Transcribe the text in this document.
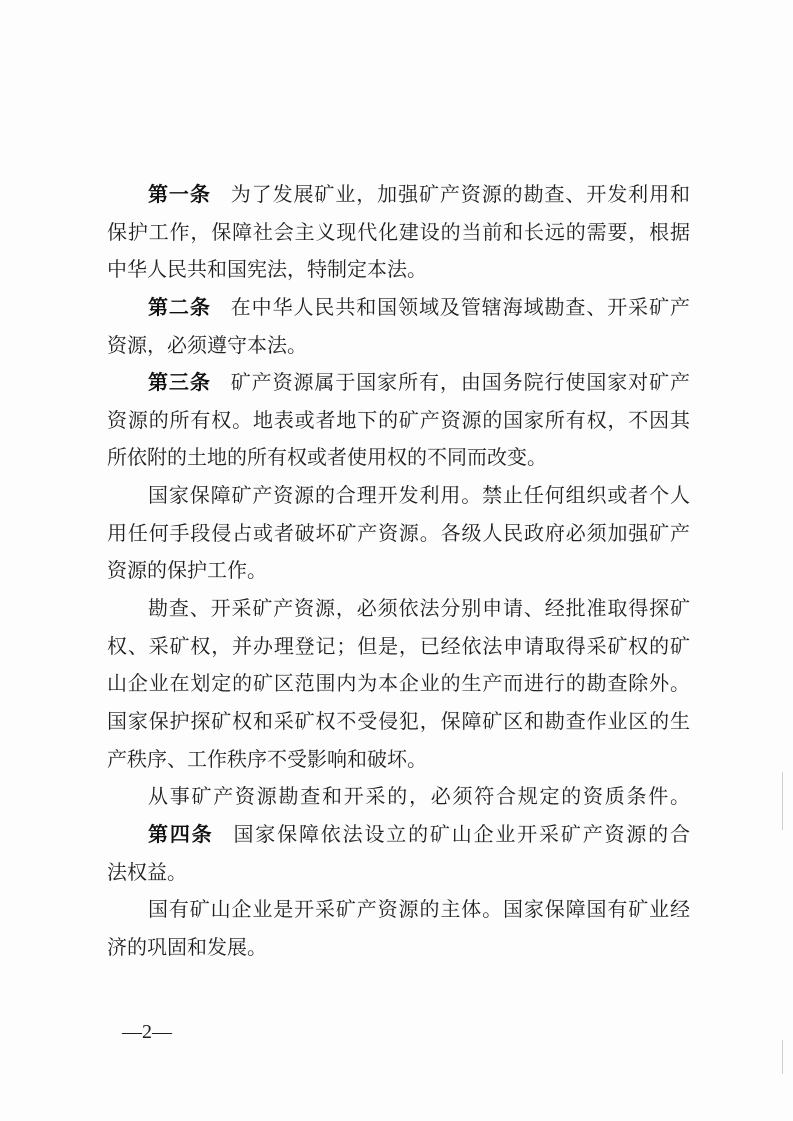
第一条 为了发展矿业，加强矿产资源的勘查、开发利用和
保护工作，保障社会主义现代化建设的当前和长远的需要，根据
中华人民共和国宪法，特制定本法。
第二条 在中华人民共和国领域及管辖海域勘查、开采矿产
资源，必须遵守本法。
第三条 矿产资源属于国家所有，由国务院行使国家对矿产
资源的所有权。地表或者地下的矿产资源的国家所有权，不因其
所依附的土地的所有权或者使用权的不同而改变。
国家保障矿产资源的合理开发利用。禁止任何组织或者个人
用任何手段侵占或者破坏矿产资源。各级人民政府必须加强矿产
资源的保护工作。
勘查、开采矿产资源，必须依法分别申请、经批准取得探矿
权、采矿权，并办理登记；但是，已经依法申请取得采矿权的矿
山企业在划定的矿区范围内为本企业的生产而进行的勘查除外。
国家保护探矿权和采矿权不受侵犯，保障矿区和勘查作业区的生
产秩序、工作秩序不受影响和破坏。
从事矿产资源勘查和开采的，必须符合规定的资质条件。
第四条 国家保障依法设立的矿山企业开采矿产资源的合
法权益。
国有矿山企业是开采矿产资源的主体。国家保障国有矿业经
济的巩固和发展。
—2—
